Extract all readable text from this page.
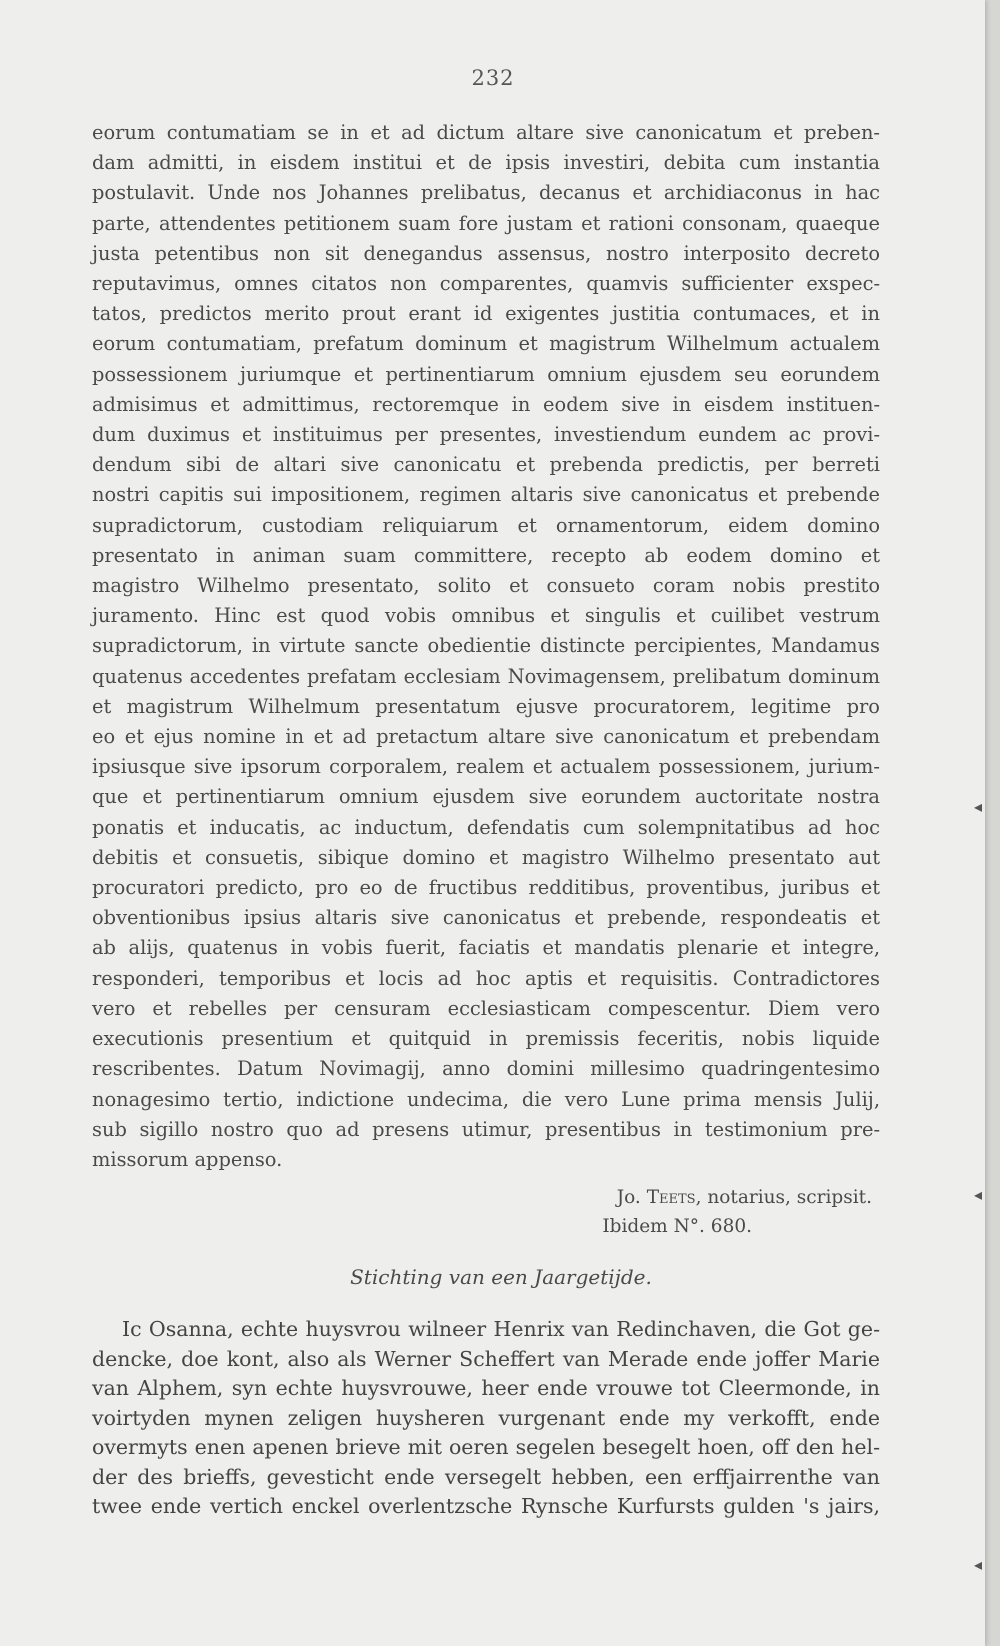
232
eorum contumatiam se in et ad dictum altare sive canonicatum et preben-
dam admitti, in eisdem institui et de ipsis investiri, debita cum instantia
postulavit. Unde nos Johannes prelibatus, decanus et archidiaconus in hac
parte, attendentes petitionem suam fore justam et rationi consonam, quaeque
justa petentibus non sit denegandus assensus, nostro interposito decreto
reputavimus, omnes citatos non comparentes, quamvis sufficienter exspec-
tatos, predictos merito prout erant id exigentes justitia contumaces, et in
eorum contumatiam, prefatum dominum et magistrum Wilhelmum actualem
possessionem juriumque et pertinentiarum omnium ejusdem seu eorundem
admisimus et admittimus, rectoremque in eodem sive in eisdem instituen-
dum duximus et instituimus per presentes, investiendum eundem ac provi-
dendum sibi de altari sive canonicatu et prebenda predictis, per berreti
nostri capitis sui impositionem, regimen altaris sive canonicatus et prebende
supradictorum, custodiam reliquiarum et ornamentorum, eidem domino
presentato in animan suam committere, recepto ab eodem domino et
magistro Wilhelmo presentato, solito et consueto coram nobis prestito
juramento. Hinc est quod vobis omnibus et singulis et cuilibet vestrum
supradictorum, in virtute sancte obedientie distincte percipientes, Mandamus
quatenus accedentes prefatam ecclesiam Novimagensem, prelibatum dominum
et magistrum Wilhelmum presentatum ejusve procuratorem, legitime pro
eo et ejus nomine in et ad pretactum altare sive canonicatum et prebendam
ipsiusque sive ipsorum corporalem, realem et actualem possessionem, jurium-
que et pertinentiarum omnium ejusdem sive eorundem auctoritate nostra
ponatis et inducatis, ac inductum, defendatis cum solempnitatibus ad hoc
debitis et consuetis, sibique domino et magistro Wilhelmo presentato aut
procuratori predicto, pro eo de fructibus redditibus, proventibus, juribus et
obventionibus ipsius altaris sive canonicatus et prebende, respondeatis et
ab alijs, quatenus in vobis fuerit, faciatis et mandatis plenarie et integre,
responderi, temporibus et locis ad hoc aptis et requisitis. Contradictores
vero et rebelles per censuram ecclesiasticam compescentur. Diem vero
executionis presentium et quitquid in premissis feceritis, nobis liquide
rescribentes. Datum Novimagij, anno domini millesimo quadringentesimo
nonagesimo tertio, indictione undecima, die vero Lune prima mensis Julij,
sub sigillo nostro quo ad presens utimur, presentibus in testimonium pre-
missorum appenso.
Jo. Teets, notarius, scripsit.
Ibidem N°. 680.
Stichting van een Jaargetijde.
Ic Osanna, echte huysvrou wilneer Henrix van Redinchaven, die Got ge-
dencke, doe kont, also als Werner Scheffert van Merade ende joffer Marie
van Alphem, syn echte huysvrouwe, heer ende vrouwe tot Cleermonde, in
voirtyden mynen zeligen huysheren vurgenant ende my verkofft, ende
overmyts enen apenen brieve mit oeren segelen besegelt hoen, off den hel-
der des brieffs, gevesticht ende versegelt hebben, een erffjairrenthe van
twee ende vertich enckel overlentzsche Rynsche Kurfursts gulden 's jairs,
◂
◂
◂
